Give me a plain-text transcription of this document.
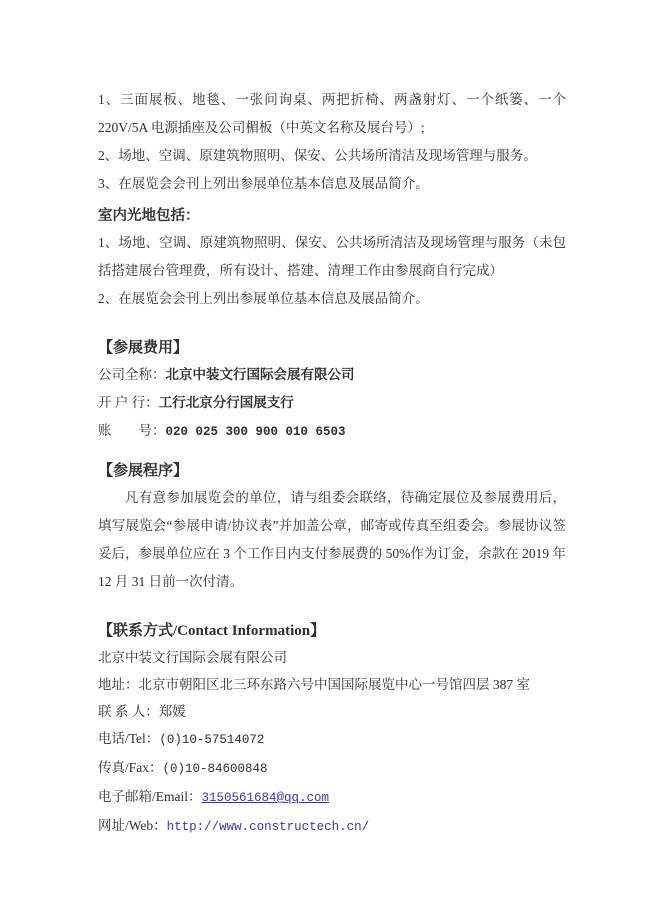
1、三面展板、地毯、一张问询桌、两把折椅、两盏射灯、一个纸篓、一个 220V/5A 电源插座及公司楣板（中英文名称及展台号）;

2、场地、空调、原建筑物照明、保安、公共场所清洁及现场管理与服务。

3、在展览会会刊上列出参展单位基本信息及展品简介。

室内光地包括：

1、场地、空调、原建筑物照明、保安、公共场所清洁及现场管理与服务（未包括搭建展台管理费，所有设计、搭建、清理工作由参展商自行完成）

2、在展览会会刊上列出参展单位基本信息及展品简介。

【参展费用】
公司全称：北京中装文行国际会展有限公司
开 户 行：工行北京分行国展支行
账　　号：020 025 300 900 010 6503
【参展程序】

凡有意参加展览会的单位，请与组委会联络，待确定展位及参展费用后，填写展览会“参展申请/协议表”并加盖公章，邮寄或传真至组委会。参展协议签妥后，参展单位应在 3 个工作日内支付参展费的 50%作为订金，余款在 2019 年 12 月 31 日前一次付清。

【联系方式/Contact Information】

北京中装文行国际会展有限公司

地址：北京市朝阳区北三环东路六号中国国际展览中心一号馆四层 387 室

联 系 人：郑媛

电话/Tel：(0)10-57514072

传真/Fax：(0)10-84600848

电子邮箱/Email：3150561684@qq.com

网址/Web：http://www.constructech.cn/
